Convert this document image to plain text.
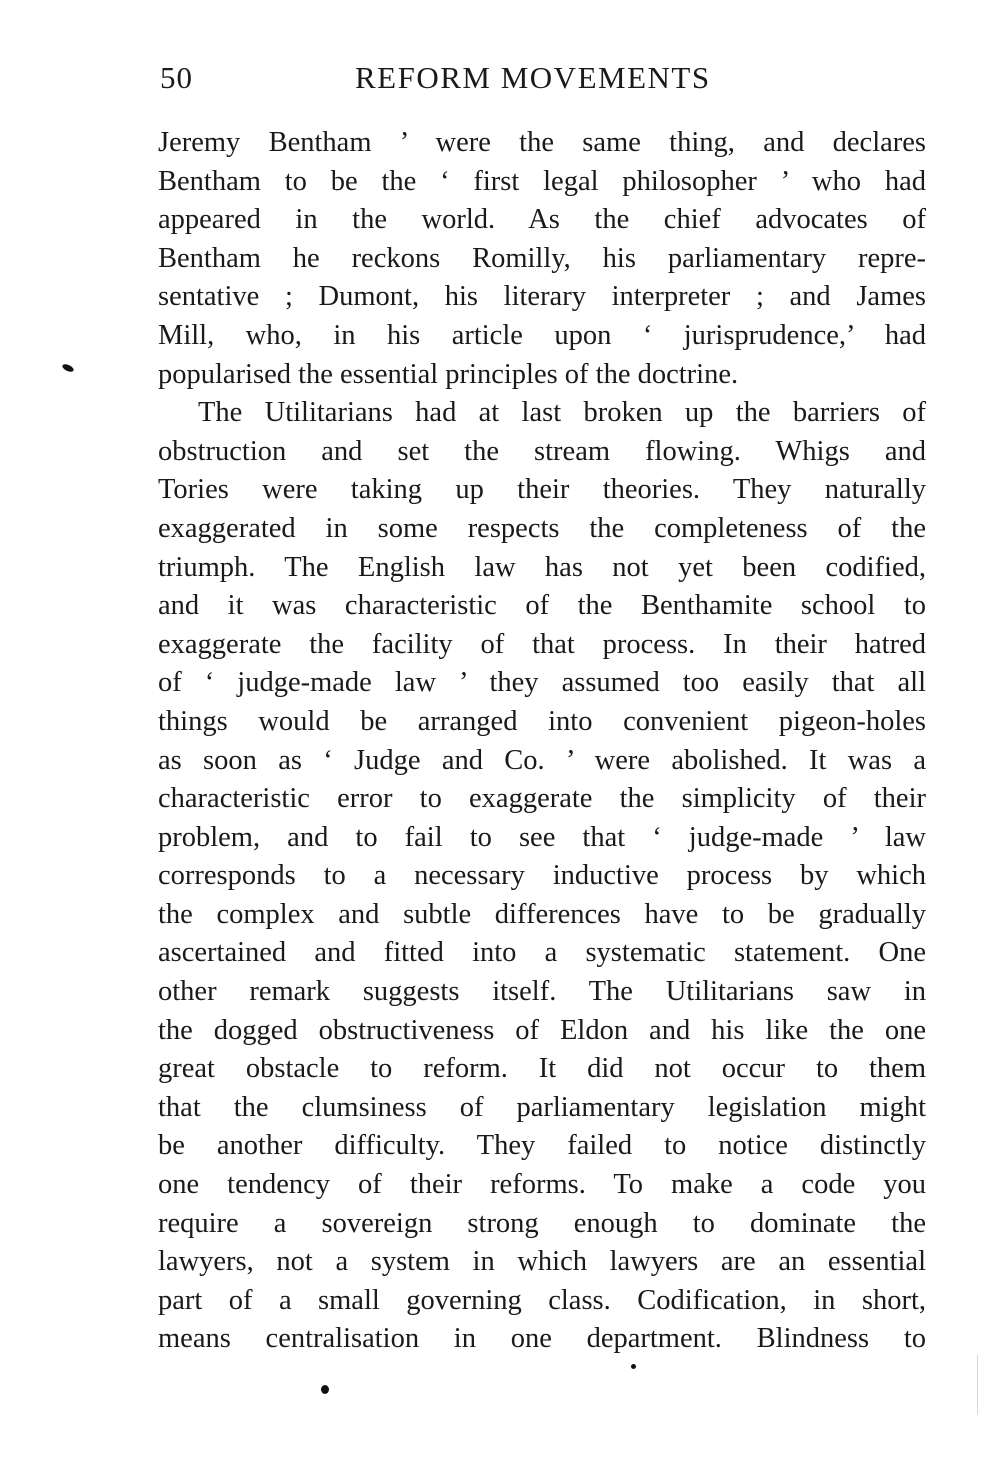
50	REFORM MOVEMENTS
Jeremy Bentham ’ were the same thing, and declares
Bentham to be the ‘ first legal philosopher ’ who had
appeared in the world. As the chief advocates of
Bentham he reckons Romilly, his parliamentary repre-
sentative ; Dumont, his literary interpreter ; and James
Mill, who, in his article upon ‘ jurisprudence,’ had
popularised the essential principles of the doctrine.
The Utilitarians had at last broken up the barriers of
obstruction and set the stream flowing. Whigs and
Tories were taking up their theories. They naturally
exaggerated in some respects the completeness of the
triumph. The English law has not yet been codified,
and it was characteristic of the Benthamite school to
exaggerate the facility of that process. In their hatred
of ‘ judge-made law ’ they assumed too easily that all
things would be arranged into convenient pigeon-holes
as soon as ‘ Judge and Co. ’ were abolished. It was a
characteristic error to exaggerate the simplicity of their
problem, and to fail to see that ‘ judge-made ’ law
corresponds to a necessary inductive process by which
the complex and subtle differences have to be gradually
ascertained and fitted into a systematic statement. One
other remark suggests itself. The Utilitarians saw in
the dogged obstructiveness of Eldon and his like the one
great obstacle to reform. It did not occur to them
that the clumsiness of parliamentary legislation might
be another difficulty. They failed to notice distinctly
one tendency of their reforms. To make a code you
require a sovereign strong enough to dominate the
lawyers, not a system in which lawyers are an essential
part of a small governing class. Codification, in short,
means centralisation in one department. Blindness to
